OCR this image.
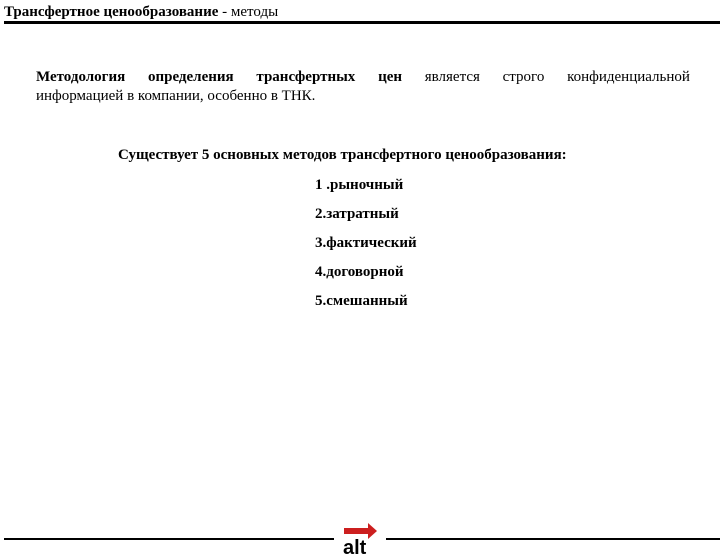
Трансфертное ценообразование - методы
Методология определения трансфертных цен является строго конфиденциальной
информацией в компании, особенно в ТНК.
Существует 5 основных методов трансфертного ценообразования:
1 .рыночный
2.затратный
3.фактический
4.договорной
5.смешанный
alt
